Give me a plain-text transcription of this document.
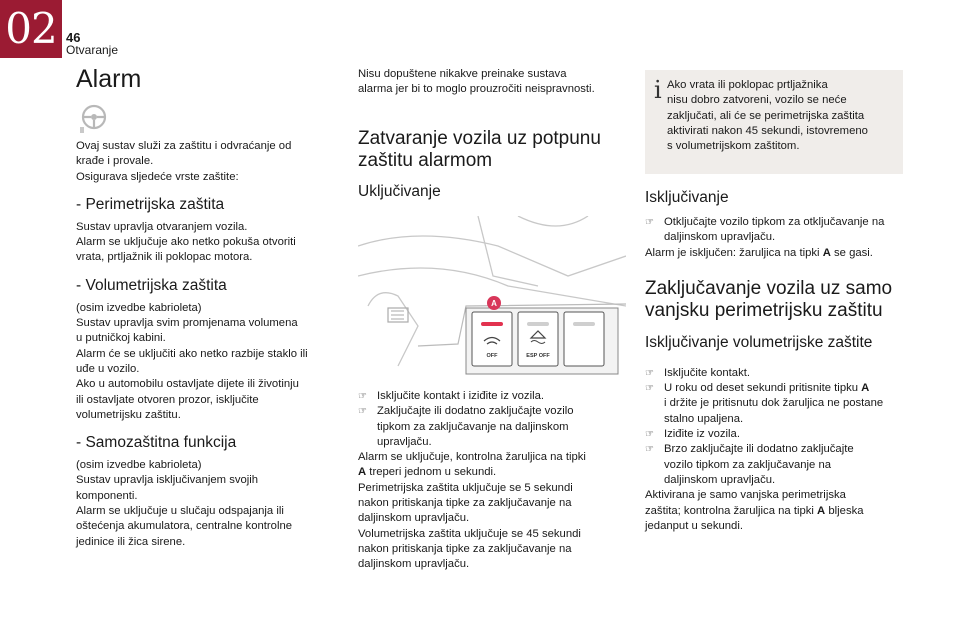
02 46
Otvaranje
Alarm

Ovaj sustav služi za zaštitu i odvraćanje od

krađe i provale.

Osigurava sljedeće vrste zaštite:

- Perimetrijska zaštita

Sustav upravlja otvaranjem vozila.

Alarm se uključuje ako netko pokuša otvoriti

vrata, prtljažnik ili poklopac motora.

- Volumetrijska zaštita

(osim izvedbe kabrioleta)

Sustav upravlja svim promjenama volumena

u putničkoj kabini.

Alarm će se uključiti ako netko razbije staklo ili

uđe u vozilo.

Ako u automobilu ostavljate dijete ili životinju

ili ostavljate otvoren prozor, isključite

volumetrijsku zaštitu.

- Samozaštitna funkcija

(osim izvedbe kabrioleta)

Sustav upravlja isključivanjem svojih

komponenti.

Alarm se uključuje u slučaju odspajanja ili

oštećenja akumulatora, centralne kontrolne

jedinice ili žica sirene.

Nisu dopuštene nikakve preinake sustava

alarma jer bi to moglo prouzročiti neispravnosti.

Zatvaranje vozila uz potpunu
zaštitu alarmom
Uključivanje
OFF	ESP OFF
A
☞ Isključite kontakt i iziđite iz vozila.
☞ Zaključajte ili dodatno zaključajte vozilo
tipkom za zaključavanje na daljinskom
upravljaču.

Alarm se uključuje, kontrolna žaruljica na tipki

A treperi jednom u sekundi.

Perimetrijska zaštita uključuje se 5 sekundi

nakon pritiskanja tipke za zaključavanje na

daljinskom upravljaču.

Volumetrijska zaštita uključuje se 45 sekundi

nakon pritiskanja tipke za zaključavanje na

daljinskom upravljaču.

i Ako vrata ili poklopac prtljažnika
nisu dobro zatvoreni, vozilo se neće
zaključati, ali će se perimetrijska zaštita
aktivirati nakon 45 sekundi, istovremeno
s volumetrijskom zaštitom.
Isključivanje
☞ Otključajte vozilo tipkom za otključavanje na
daljinskom upravljaču.

Alarm je isključen: žaruljica na tipki A se gasi.

Zaključavanje vozila uz samo
vanjsku perimetrijsku zaštitu
Isključivanje volumetrijske zaštite
☞ Isključite kontakt.
☞ U roku od deset sekundi pritisnite tipku A
i držite je pritisnutu dok žaruljica ne postane
stalno upaljena.
☞ Iziđite iz vozila.
☞ Brzo zaključajte ili dodatno zaključajte
vozilo tipkom za zaključavanje na
daljinskom upravljaču.

Aktivirana je samo vanjska perimetrijska

zaštita; kontrolna žaruljica na tipki A bljeska

jedanput u sekundi.
